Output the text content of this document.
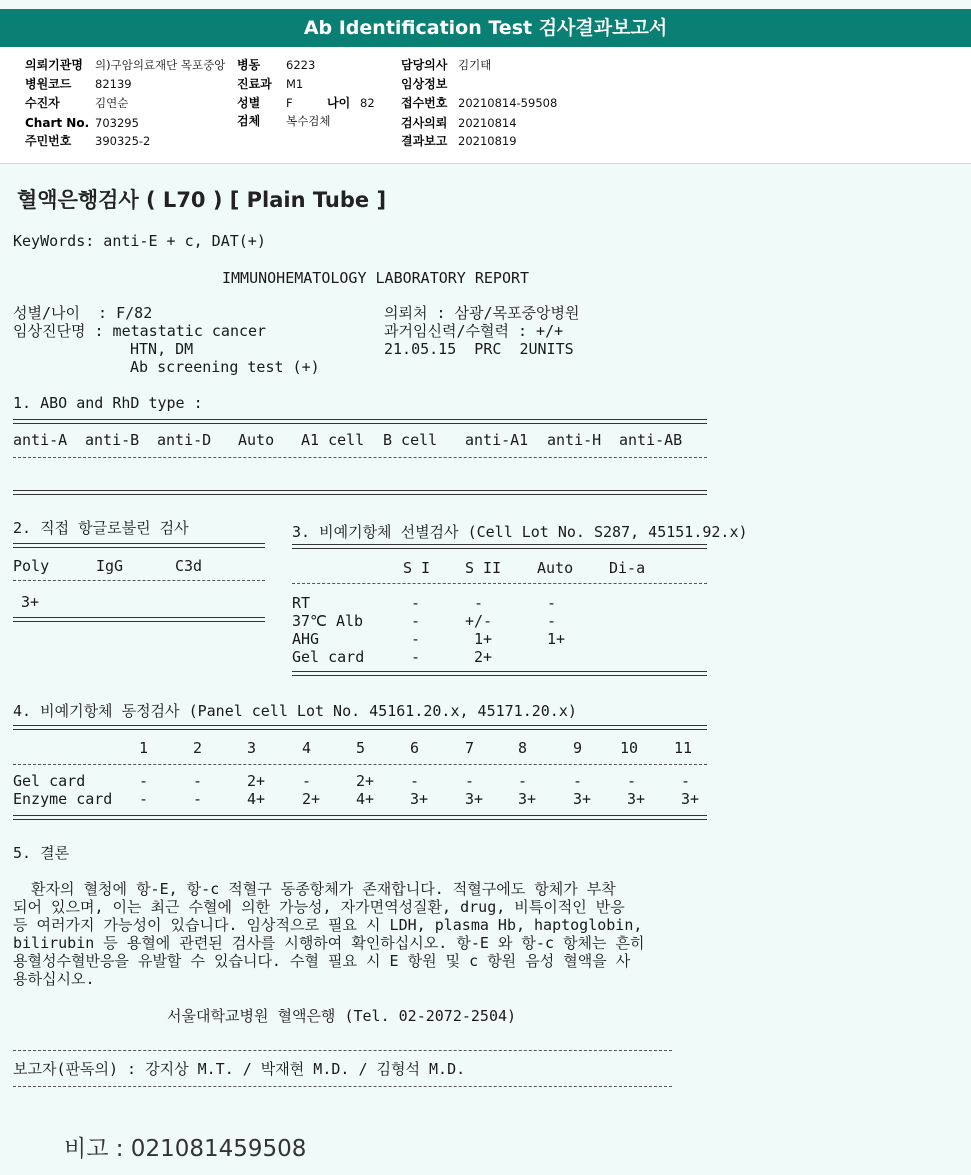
Ab Identification Test 검사결과보고서
의뢰기관명 의)구암의료재단 목포중앙 병동 6223	담당의사 김기태
병원코드 82139	진료과 M1	임상정보
수진자	김연순	성별 F	나이 82 접수번호 20210814-59508
Chart No. 703295	검체 복수검체	검사의뢰 20210814
주민번호 390325-2	결과보고 20210819
혈액은행검사 ( L70 ) [ Plain Tube ]
KeyWords: anti-E + c, DAT(+)
IMMUNOHEMATOLOGY LABORATORY REPORT
성별/나이  : F/82
임상진단명 : metastatic cancer
HTN, DM
Ab screening test (+)
의뢰처 : 삼광/목포중앙병원
과거임신력/수혈력 : +/+
21.05.15  PRC  2UNITS
1. ABO and RhD type :
anti-A anti-B anti-D Auto A1 cell B cell anti-A1 anti-H anti-AB
2. 직접 항글로불린 검사
Poly	IgG	C3d
3+
3. 비예기항체 선별검사 (Cell Lot No. S287, 45151.92.x)
S I S II Auto Di-a
RT	-	-	-
37℃ Alb	-	+/-	-
AHG	-	1+	1+
Gel card	-	2+
4. 비예기항체 동정검사 (Panel cell Lot No. 45161.20.x, 45171.20.x)
1	2	3	4	5	6	7	8	9	10 11
Gel card	-	-	2+ -	2+ -	-	-	-	-	-
Enzyme card -	-	4+ 2+ 4+ 3+ 3+ 3+ 3+ 3+ 3+
5. 결론
환자의 혈청에 항-E, 항-c 적혈구 동종항체가 존재합니다. 적혈구에도 항체가 부착
되어 있으며, 이는 최근 수혈에 의한 가능성, 자가면역성질환, drug, 비특이적인 반응
등 여러가지 가능성이 있습니다. 임상적으로 필요 시 LDH, plasma Hb, haptoglobin,
bilirubin 등 용혈에 관련된 검사를 시행하여 확인하십시오. 항-E 와 항-c 항체는 흔히
용혈성수혈반응을 유발할 수 있습니다. 수혈 필요 시 E 항원 및 c 항원 음성 혈액을 사
용하십시오.
서울대학교병원 혈액은행 (Tel. 02-2072-2504)
보고자(판독의) : 강지상 M.T. / 박재현 M.D. / 김형석 M.D.
비고 : 021081459508
